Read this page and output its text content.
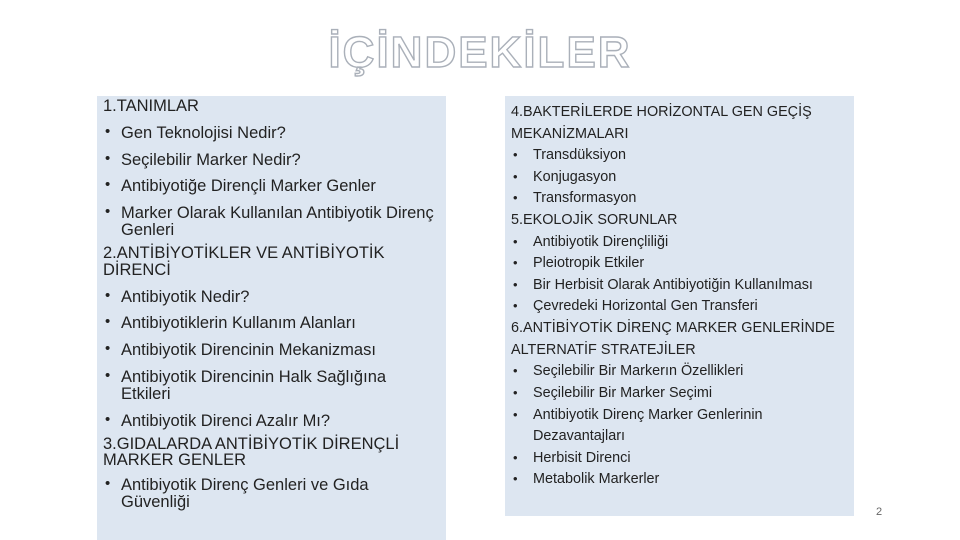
İÇİNDEKİLER

1.TANIMLAR

• Gen Teknolojisi Nedir?
• Seçilebilir Marker Nedir?
• Antibiyotiğe Dirençli Marker Genler
• Marker Olarak Kullanılan Antibiyotik Direnç Genleri

2.ANTİBİYOTİKLER VE ANTİBİYOTİK DİRENCİ

• Antibiyotik Nedir?
• Antibiyotiklerin Kullanım Alanları
• Antibiyotik Direncinin Mekanizması
• Antibiyotik Direncinin Halk Sağlığına Etkileri
• Antibiyotik Direnci Azalır Mı?

3.GIDALARDA ANTİBİYOTİK DİRENÇLİ MARKER GENLER

• Antibiyotik Direnç Genleri ve Gıda Güvenliği

4.BAKTERİLERDE HORİZONTAL GEN GEÇİŞ MEKANİZMALARI

• Transdüksiyon
• Konjugasyon
• Transformasyon

5.EKOLOJİK SORUNLAR

• Antibiyotik Dirençliliği
• Pleiotropik Etkiler
• Bir Herbisit Olarak Antibiyotiğin Kullanılması
• Çevredeki Horizontal Gen Transferi

6.ANTİBİYOTİK DİRENÇ MARKER GENLERİNDE ALTERNATİF STRATEJİLER

• Seçilebilir Bir Markerın Özellikleri
• Seçilebilir Bir Marker Seçimi
• Antibiyotik Direnç Marker Genlerinin Dezavantajları
• Herbisit Direnci
• Metabolik Markerler
2
